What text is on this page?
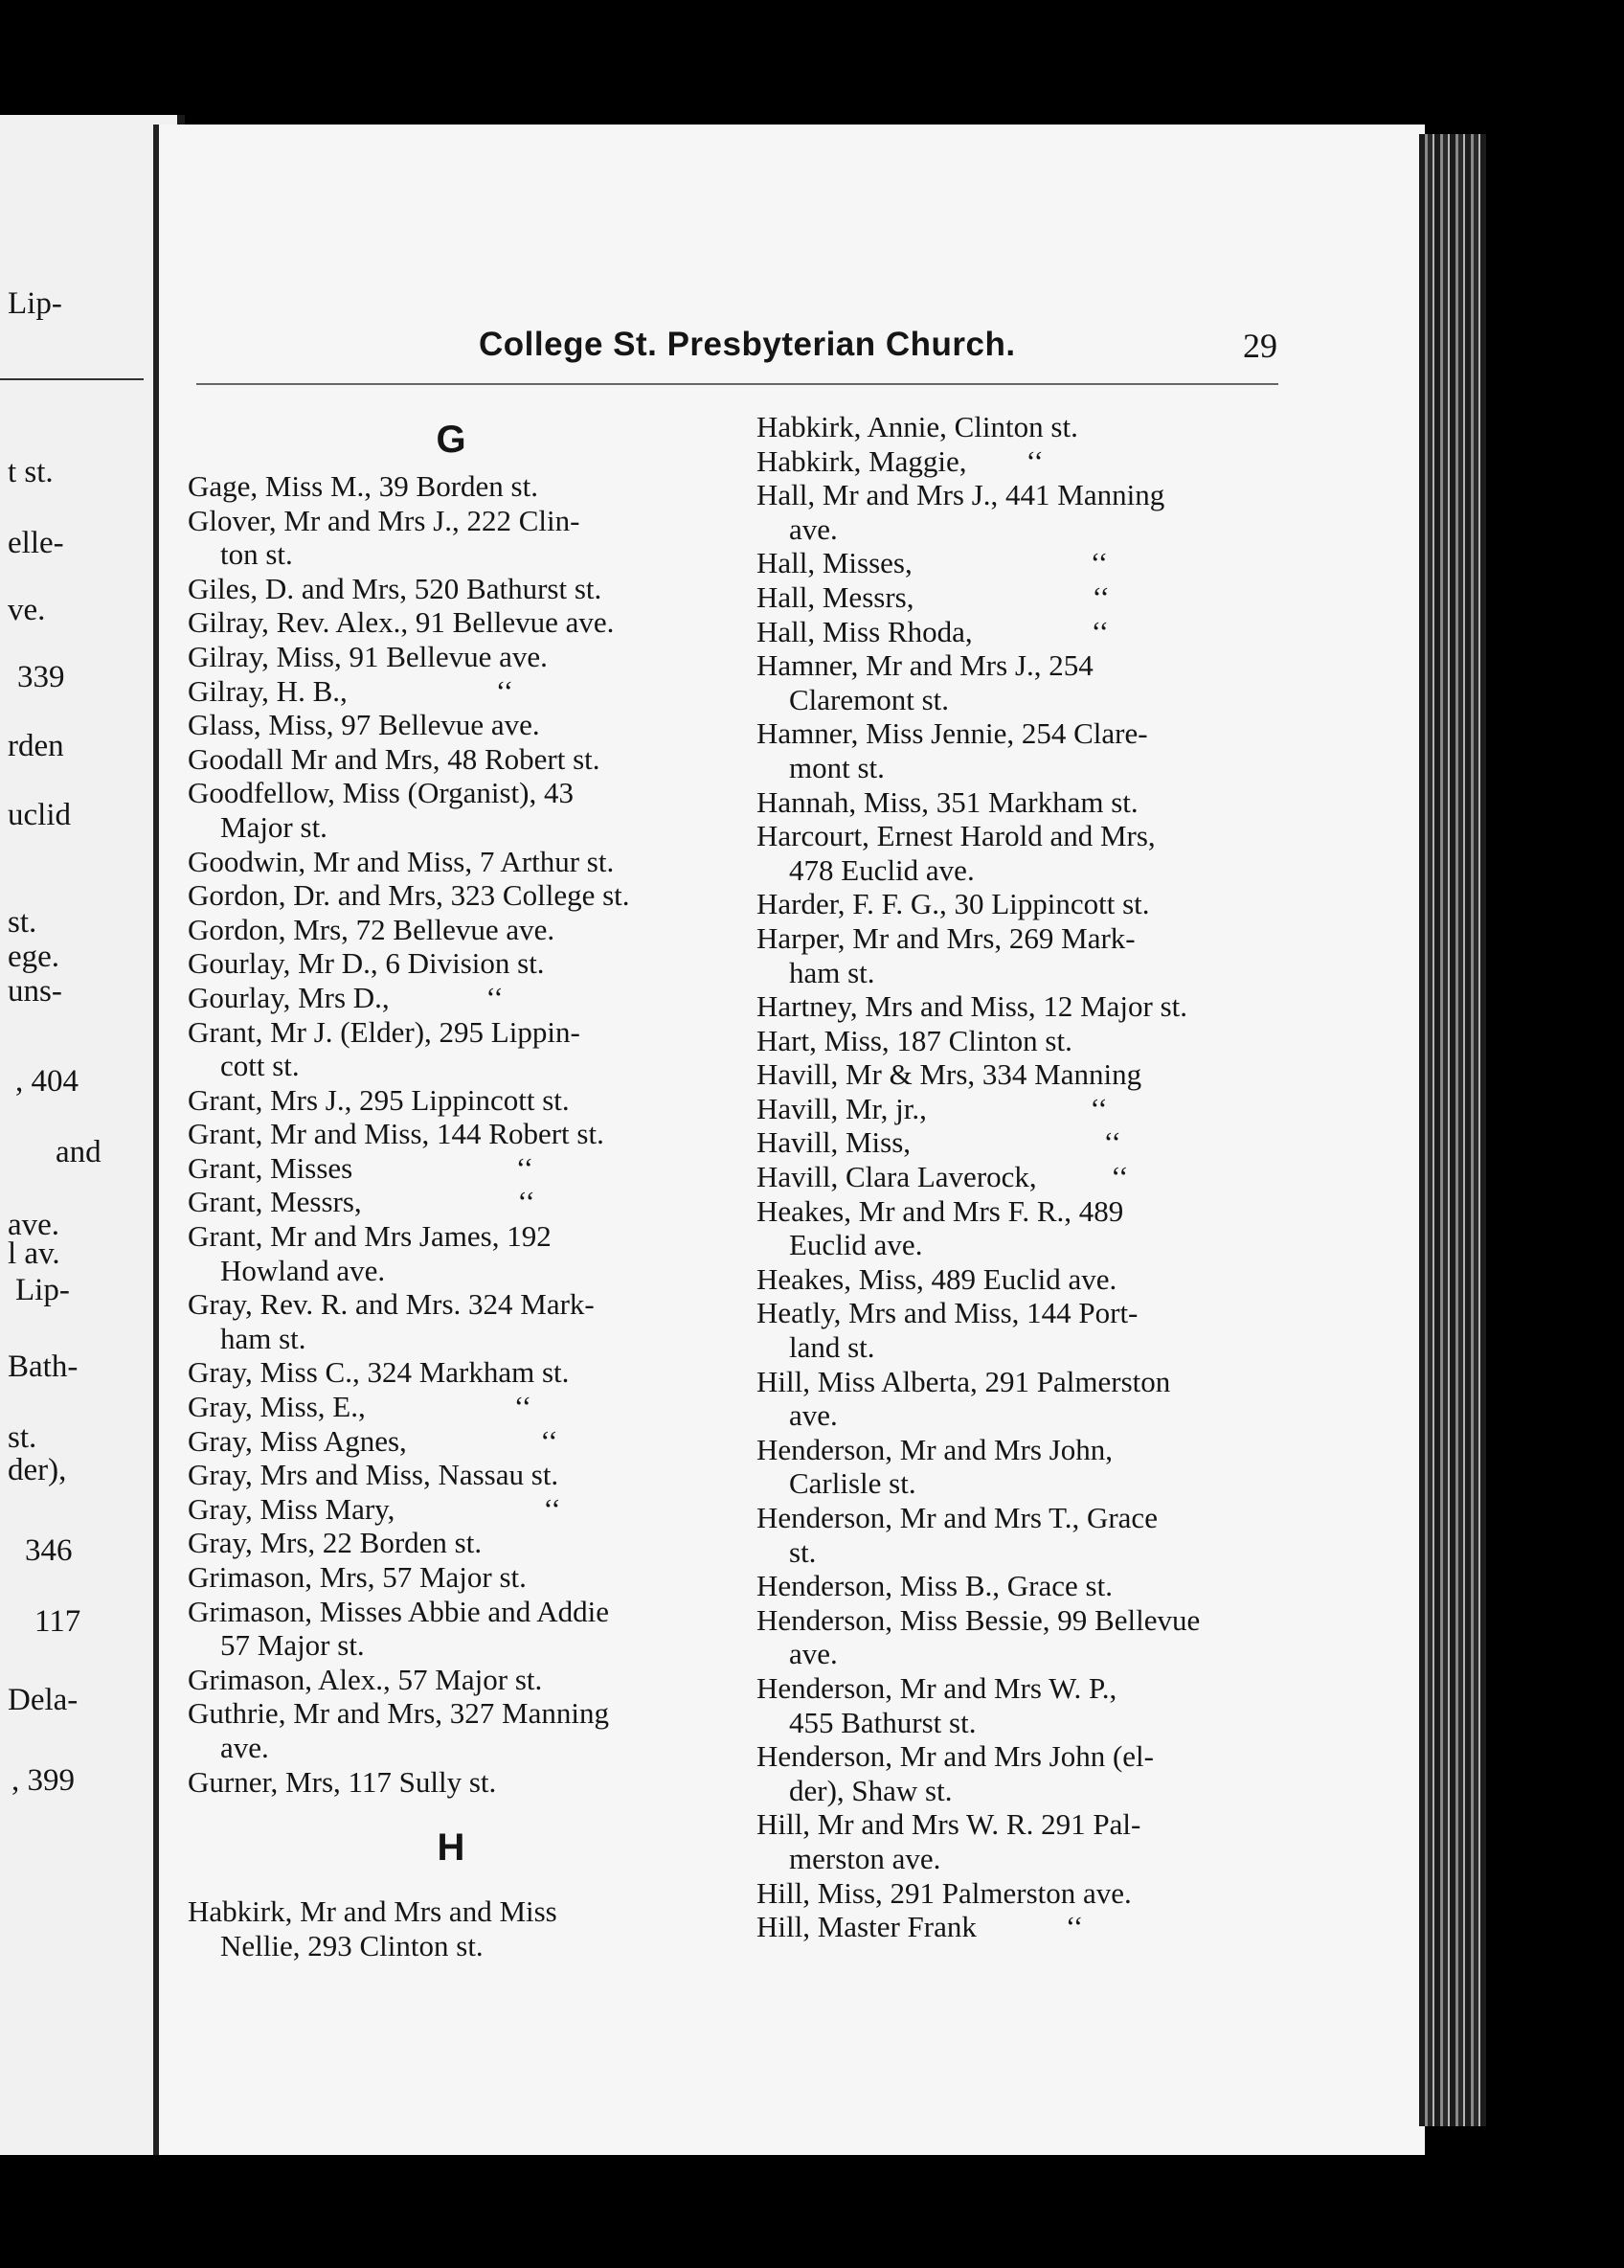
Lip-
t st.
elle-
ve.
339
rden
uclid
st.
ege.
uns-
, 404
and
ave.
l av.
Lip-
Bath-
st.
der),
346
117
Dela-
, 399
College St. Presbyterian Church.	29
G
Gage, Miss M., 39 Borden st.
Glover, Mr and Mrs J., 222 Clin-
ton st.
Giles, D. and Mrs, 520 Bathurst st.
Gilray, Rev. Alex., 91 Bellevue ave.
Gilray, Miss, 91 Bellevue ave.
Gilray, H. B.,                    ‘‘
Glass, Miss, 97 Bellevue ave.
Goodall Mr and Mrs, 48 Robert st.
Goodfellow, Miss (Organist), 43
Major st.
Goodwin, Mr and Miss, 7 Arthur st.
Gordon, Dr. and Mrs, 323 College st.
Gordon, Mrs, 72 Bellevue ave.
Gourlay, Mr D., 6 Division st.
Gourlay, Mrs D.,             ‘‘
Grant, Mr J. (Elder), 295 Lippin-
cott st.
Grant, Mrs J., 295 Lippincott st.
Grant, Mr and Miss, 144 Robert st.
Grant, Misses                      ‘‘
Grant, Messrs,                     ‘‘
Grant, Mr and Mrs James, 192
Howland ave.
Gray, Rev. R. and Mrs. 324 Mark-
ham st.
Gray, Miss C., 324 Markham st.
Gray, Miss, E.,                    ‘‘
Gray, Miss Agnes,                  ‘‘
Gray, Mrs and Miss, Nassau st.
Gray, Miss Mary,                    ‘‘
Gray, Mrs, 22 Borden st.
Grimason, Mrs, 57 Major st.
Grimason, Misses Abbie and Addie
57 Major st.
Grimason, Alex., 57 Major st.
Guthrie, Mr and Mrs, 327 Manning
ave.
Gurner, Mrs, 117 Sully st.
H
Habkirk, Mr and Mrs and Miss
Nellie, 293 Clinton st.
Habkirk, Annie, Clinton st.
Habkirk, Maggie,        ‘‘
Hall, Mr and Mrs J., 441 Manning
ave.
Hall, Misses,                        ‘‘
Hall, Messrs,                        ‘‘
Hall, Miss Rhoda,                ‘‘
Hamner, Mr and Mrs J., 254
Claremont st.
Hamner, Miss Jennie, 254 Clare-
mont st.
Hannah, Miss, 351 Markham st.
Harcourt, Ernest Harold and Mrs,
478 Euclid ave.
Harder, F. F. G., 30 Lippincott st.
Harper, Mr and Mrs, 269 Mark-
ham st.
Hartney, Mrs and Miss, 12 Major st.
Hart, Miss, 187 Clinton st.
Havill, Mr & Mrs, 334 Manning
Havill, Mr, jr.,                      ‘‘
Havill, Miss,                          ‘‘
Havill, Clara Laverock,          ‘‘
Heakes, Mr and Mrs F. R., 489
Euclid ave.
Heakes, Miss, 489 Euclid ave.
Heatly, Mrs and Miss, 144 Port-
land st.
Hill, Miss Alberta, 291 Palmerston
ave.
Henderson, Mr and Mrs John,
Carlisle st.
Henderson, Mr and Mrs T., Grace
st.
Henderson, Miss B., Grace st.
Henderson, Miss Bessie, 99 Bellevue
ave.
Henderson, Mr and Mrs W. P.,
455 Bathurst st.
Henderson, Mr and Mrs John (el-
der), Shaw st.
Hill, Mr and Mrs W. R. 291 Pal-
merston ave.
Hill, Miss, 291 Palmerston ave.
Hill, Master Frank            ‘‘
